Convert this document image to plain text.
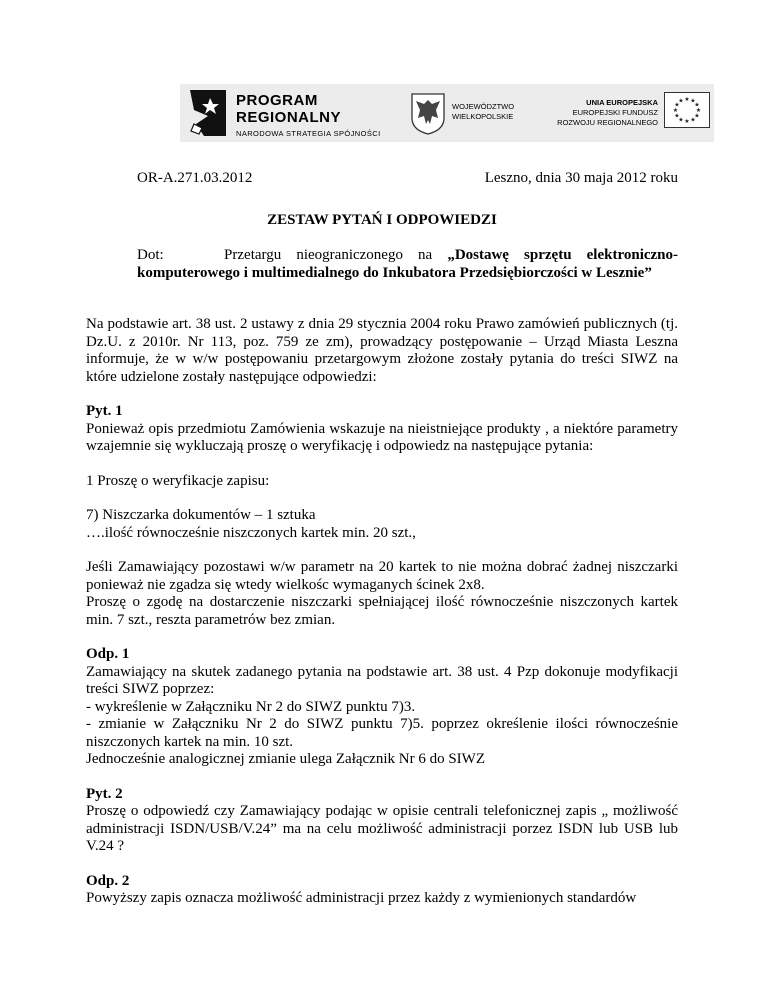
PROGRAM
REGIONALNY
NARODOWA STRATEGIA SPÓJNOŚCI
WOJEWÓDZTWO
WIELKOPOLSKIE
UNIA EUROPEJSKA
EUROPEJSKI FUNDUSZ
ROZWOJU REGIONALNEGO
★ ★
★
★
★
★
★
★
★
★
★
★
OR-A.271.03.2012	Leszno, dnia 30 maja 2012 roku
ZESTAW PYTAŃ I ODPOWIEDZI
Dot:	Przetargu nieograniczonego na „Dostawę sprzętu elektroniczno-
komputerowego i multimedialnego do Inkubatora Przedsiębiorczości w Lesznie”

Na podstawie art. 38 ust. 2 ustawy z dnia 29 stycznia 2004 roku Prawo zamówień publicznych (tj. Dz.U. z 2010r. Nr 113, poz. 759 ze zm), prowadzący postępowanie – Urząd Miasta Leszna informuje, że w w/w postępowaniu przetargowym złożone zostały pytania do treści SIWZ na które udzielone zostały następujące odpowiedzi:

Pyt. 1

Ponieważ opis przedmiotu Zamówienia wskazuje na nieistniejące produkty , a niektóre parametry wzajemnie się wykluczają proszę o weryfikację i odpowiedz na następujące pytania:

1 Proszę o weryfikacje zapisu:

7) Niszczarka dokumentów – 1 sztuka

….ilość równocześnie niszczonych kartek min. 20 szt.,

Jeśli Zamawiający pozostawi w/w parametr na 20 kartek to nie można dobrać żadnej niszczarki ponieważ nie zgadza się wtedy wielkośc wymaganych ścinek 2x8.

Proszę o zgodę na dostarczenie niszczarki spełniającej ilość równocześnie niszczonych kartek min. 7 szt., reszta parametrów bez zmian.

Odp. 1

Zamawiający na skutek zadanego pytania na podstawie art. 38 ust. 4 Pzp dokonuje modyfikacji treści SIWZ poprzez:

- wykreślenie w Załączniku Nr 2 do SIWZ punktu 7)3.

- zmianie w Załączniku Nr 2 do SIWZ punktu 7)5. poprzez określenie ilości równocześnie niszczonych kartek na min. 10 szt.

Jednocześnie analogicznej zmianie ulega Załącznik Nr 6 do SIWZ

Pyt. 2

Proszę o odpowiedź czy Zamawiający podając w opisie centrali telefonicznej zapis „ możliwość administracji ISDN/USB/V.24” ma na celu możliwość administracji porzez ISDN lub USB lub V.24 ?

Odp. 2

Powyższy zapis oznacza możliwość administracji przez każdy z wymienionych standardów
